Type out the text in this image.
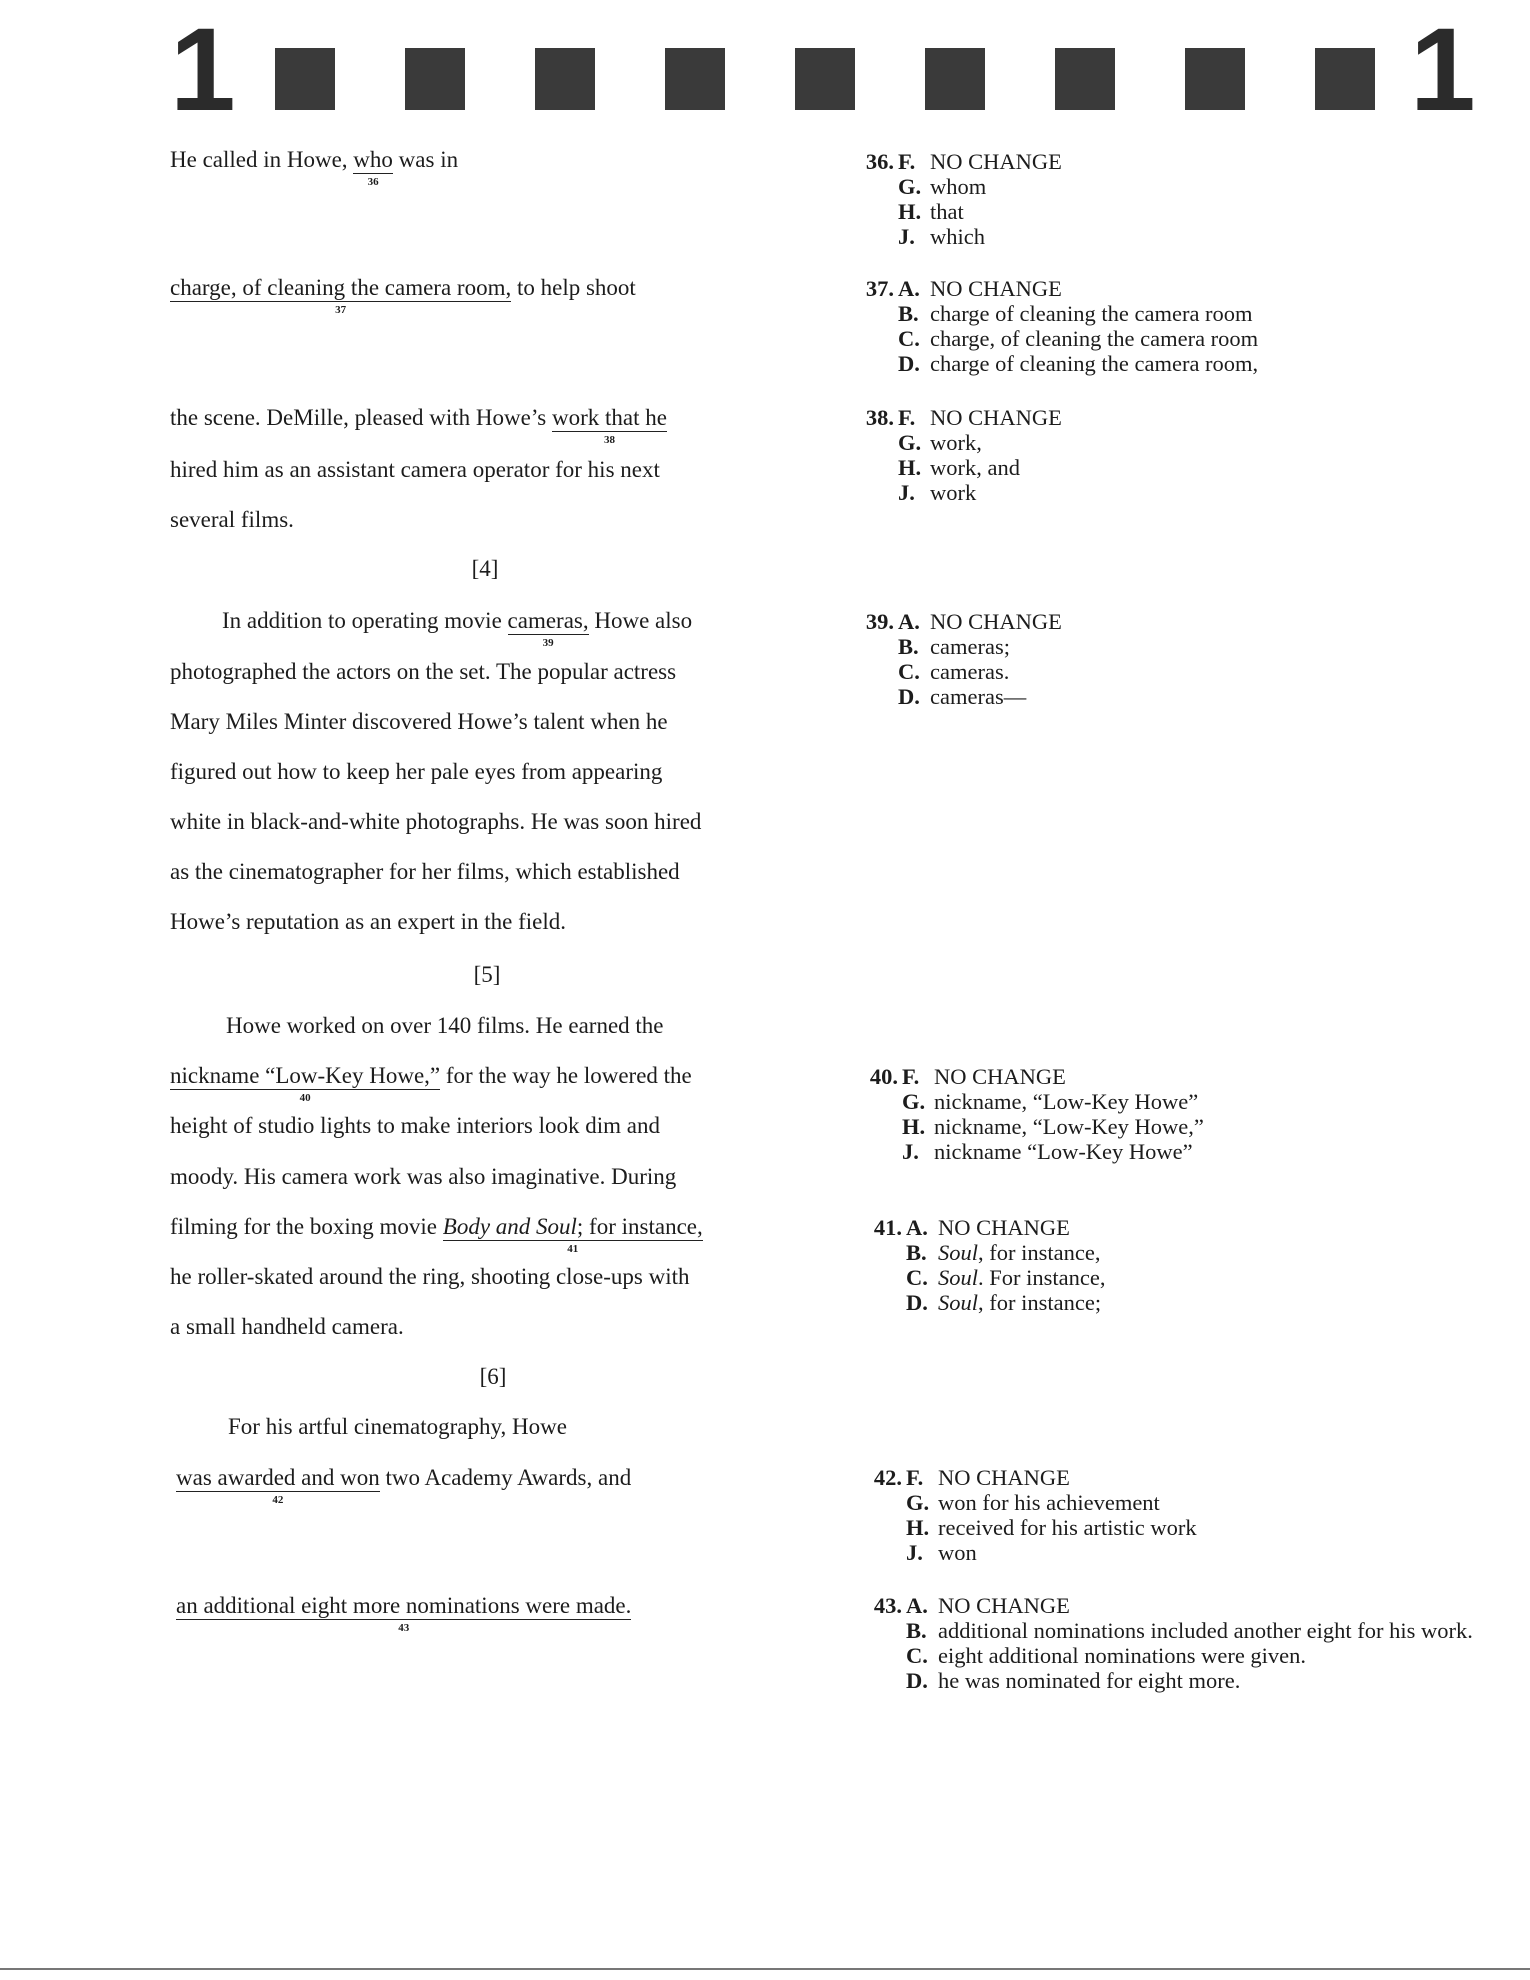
1	1
He called in Howe, who
36
was in
charge, of cleaning the camera room,
37
to help shoot
the scene. DeMille, pleased with Howe’s work that he
38
hired him as an assistant camera operator for his next
several films.
[4]
In addition to operating movie cameras,
39
Howe also
photographed the actors on the set. The popular actress
Mary Miles Minter discovered Howe’s talent when he
figured out how to keep her pale eyes from appearing
white in black-and-white photographs. He was soon hired
as the cinematographer for her films, which established
Howe’s reputation as an expert in the field.
[5]
Howe worked on over 140 films. He earned the
nickname “Low-Key Howe,”
40
for the way he lowered the
height of studio lights to make interiors look dim and
moody. His camera work was also imaginative. During
filming for the boxing movie Body and Soul; for instance,
41
he roller-skated around the ring, shooting close-ups with
a small handheld camera.
[6]
For his artful cinematography, Howe
was awarded and won
42
two Academy Awards, and
an additional eight more nominations were made.
43
36. F. NO CHANGE
G. whom
H. that
J. which
37. A. NO CHANGE
B. charge of cleaning the camera room
C. charge, of cleaning the camera room
D. charge of cleaning the camera room,
38. F. NO CHANGE
G. work,
H. work, and
J. work
39. A. NO CHANGE
B. cameras;
C. cameras.
D. cameras—
40. F. NO CHANGE
G. nickname, “Low-Key Howe”
H. nickname, “Low-Key Howe,”
J. nickname “Low-Key Howe”
41. A. NO CHANGE
B. Soul, for instance,
C. Soul. For instance,
D. Soul, for instance;
42. F. NO CHANGE
G. won for his achievement
H. received for his artistic work
J. won
43. A. NO CHANGE
B. additional nominations included another eight for his work.
C. eight additional nominations were given.
D. he was nominated for eight more.
